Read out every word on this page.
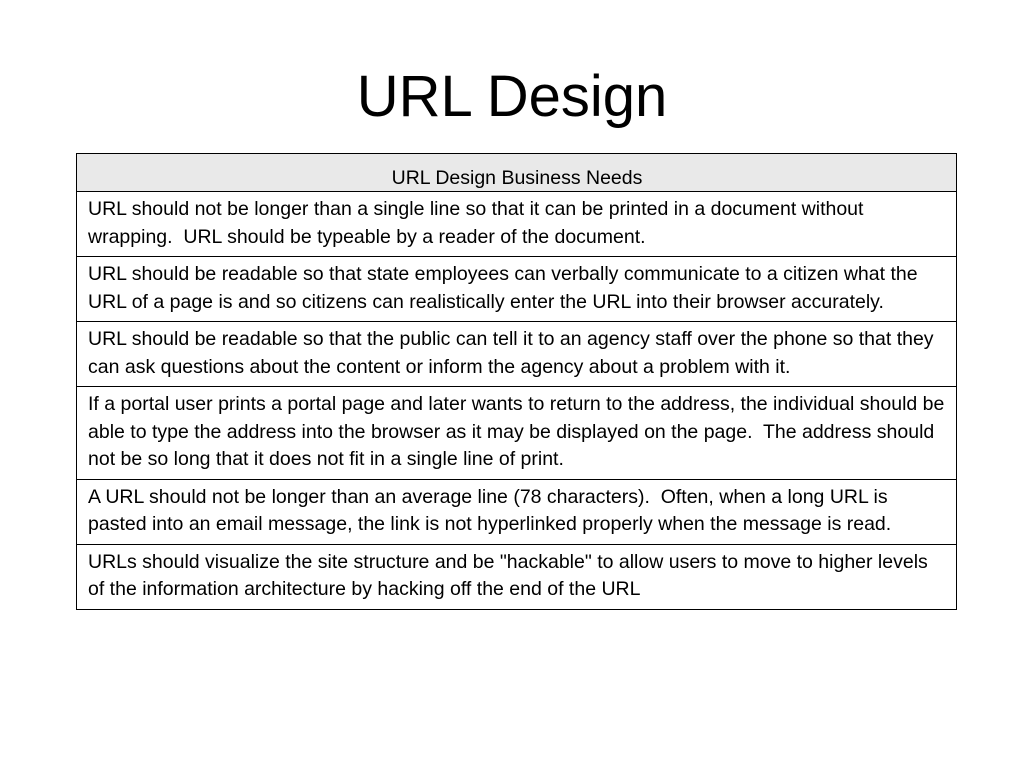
URL Design
URL Design Business Needs
URL should not be longer than a single line so that it can be printed in a document without wrapping.  URL should be typeable by a reader of the document.
URL should be readable so that state employees can verbally communicate to a citizen what the URL of a page is and so citizens can realistically enter the URL into their browser accurately.
URL should be readable so that the public can tell it to an agency staff over the phone so that they can ask questions about the content or inform the agency about a problem with it.
If a portal user prints a portal page and later wants to return to the address, the individual should be able to type the address into the browser as it may be displayed on the page.  The address should not be so long that it does not fit in a single line of print.
A URL should not be longer than an average line (78 characters).  Often, when a long URL is pasted into an email message, the link is not hyperlinked properly when the message is read.
URLs should visualize the site structure and be "hackable" to allow users to move to higher levels of the information architecture by hacking off the end of the URL
